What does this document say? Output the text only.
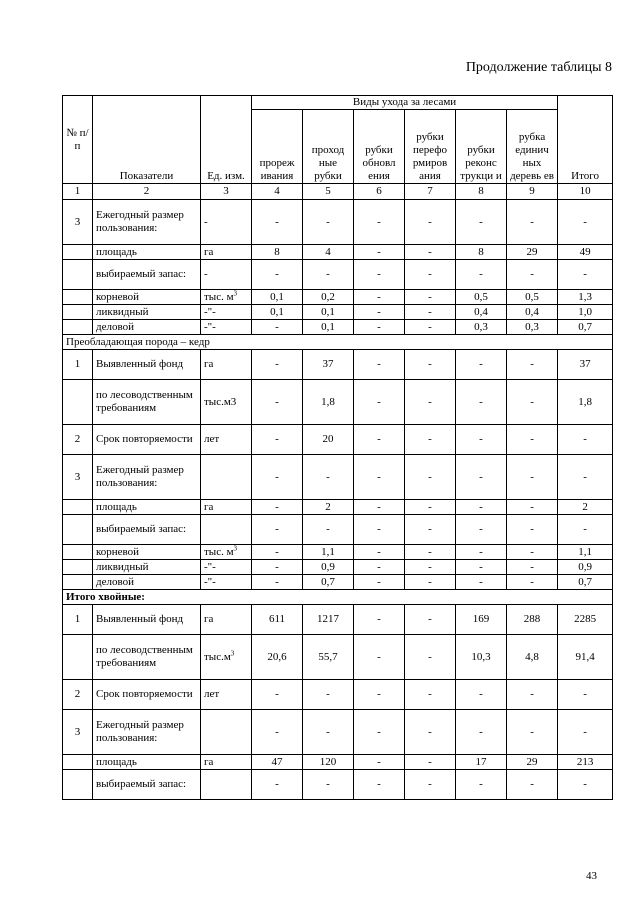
Продолжение таблицы 8
№ п/п	Показатели	Ед. изм.	Виды ухода за лесами						Итого
			прореж ивания	проход ные рубки	рубки обновл ения	рубки перефо рмиров ания	рубки реконс трукци и	рубка единич ных деревь ев	
1	2	3	4	5	6	7	8	9	10
3	Ежегодный размер пользования:	-	-	-	-	-	-	-	-
	площадь	га	8	4	-	-	8	29	49
	выбираемый запас:	-	-	-	-	-	-	-	-
	корневой	тыс. $м^3$	0,1	0,2	-	-	0,5	0,5	1,3
	ликвидный	-"-	0,1	0,1	-	-	0,4	0,4	1,0
	деловой	-"-	-	0,1	-	-	0,3	0,3	0,7
Преобладающая порода – кедр									
1	Выявленный фонд	га	-	37	-	-	-	-	37
	по лесоводственным требованиям	тыс.м3	-	1,8	-	-	-	-	1,8
2	Срок повторяемости	лет	-	20	-	-	-	-	-
3	Ежегодный размер пользования:		-	-	-	-	-	-	-
	площадь	га	-	2	-	-	-	-	2
	выбираемый запас:		-	-	-	-	-	-	-
	корневой	тыс. $м^3$	-	1,1	-	-	-	-	1,1
	ликвидный	-"-	-	0,9	-	-	-	-	0,9
	деловой	-"-	-	0,7	-	-	-	-	0,7
Итого хвойные:									
1	Выявленный фонд	га	611	1217	-	-	169	288	2285
	по лесоводственным требованиям	$тыс.м^3$	20,6	55,7	-	-	10,3	4,8	91,4
2	Срок повторяемости	лет	-	-	-	-	-	-	-
3	Ежегодный размер пользования:		-	-	-	-	-	-	-
	площадь	га	47	120	-	-	17	29	213
	выбираемый запас:		-	-	-	-	-	-	-
43
